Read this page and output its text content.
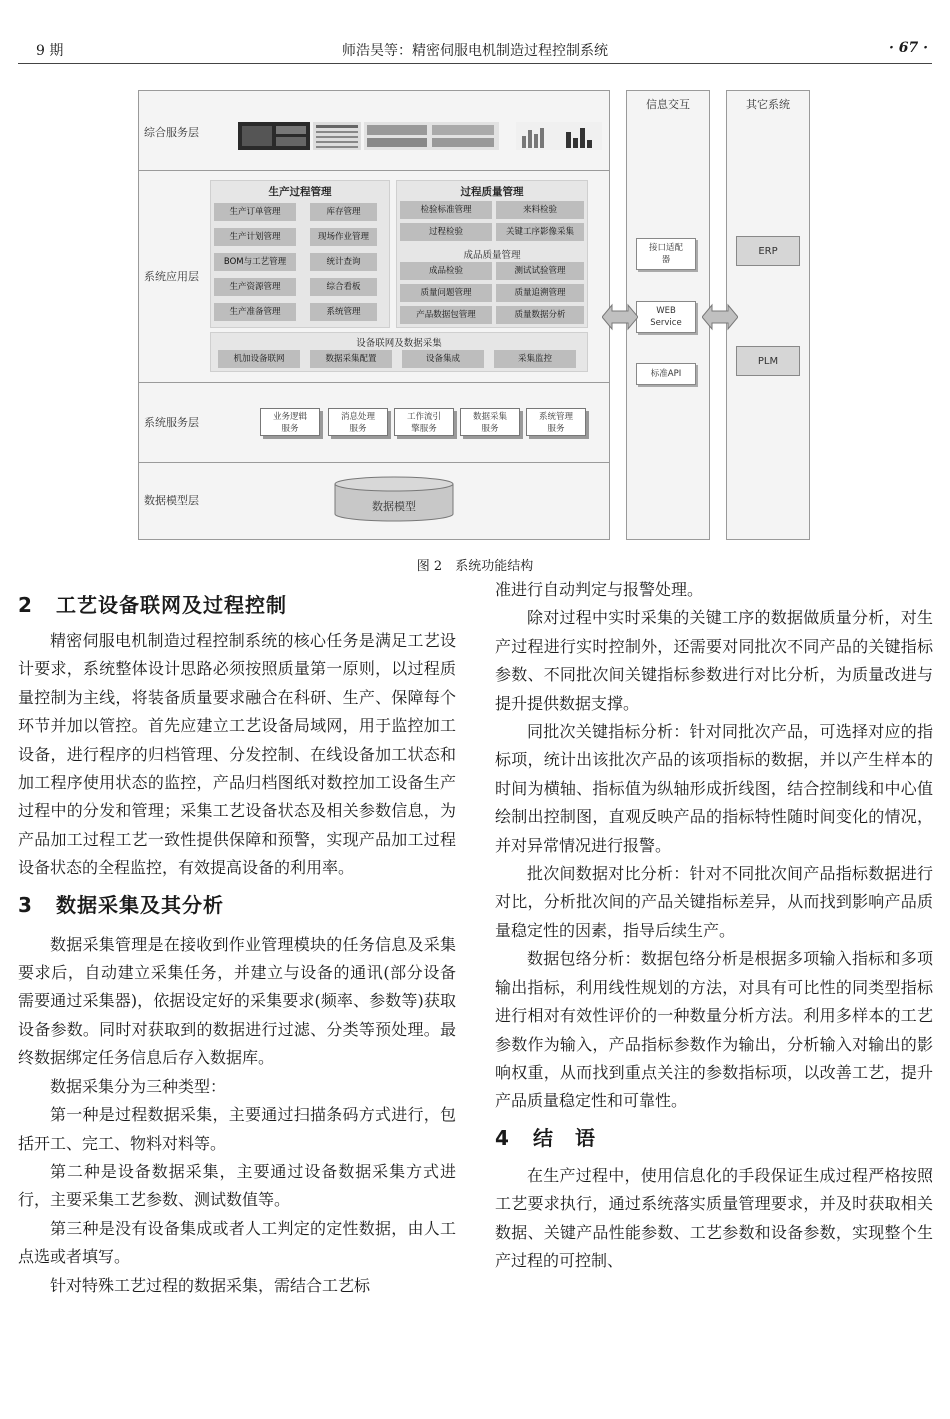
9 期	师浩昊等：精密伺服电机制造过程控制系统	· 67 ·
综合服务层
系统应用层
系统服务层
数据模型层
生产过程管理
生产订单管理	库存管理
生产计划管理	现场作业管理
BOM与工艺管理	统计查询
生产资源管理	综合看板
生产准备管理	系统管理
过程质量管理
检验标准管理	来料检验
过程检验	关键工序影像采集
成品质量管理
成品检验	测试试验管理
质量问题管理	质量追溯管理
产品数据包管理	质量数据分析
设备联网及数据采集
机加设备联网	数据采集配置	设备集成	采集监控
业务逻辑
服务
消息处理
服务
工作流引
擎服务
数据采集
服务
系统管理
服务
数据模型
信息交互
接口适配
器
WEB
Service
标准API
其它系统
ERP
PLM
图 2　系统功能结构
2 工艺设备联网及过程控制

精密伺服电机制造过程控制系统的核心任务是满足工艺设计要求，系统整体设计思路必须按照质量第一原则，以过程质量控制为主线，将装备质量要求融合在科研、生产、保障每个环节并加以管控。首先应建立工艺设备局域网，用于监控加工设备，进行程序的归档管理、分发控制、在线设备加工状态和加工程序使用状态的监控，产品归档图纸对数控加工设备生产过程中的分发和管理；采集工艺设备状态及相关参数信息，为产品加工过程工艺一致性提供保障和预警，实现产品加工过程设备状态的全程监控，有效提高设备的利用率。

3 数据采集及其分析

数据采集管理是在接收到作业管理模块的任务信息及采集要求后，自动建立采集任务，并建立与设备的通讯(部分设备需要通过采集器)，依据设定好的采集要求(频率、参数等)获取设备参数。同时对获取到的数据进行过滤、分类等预处理。最终数据绑定任务信息后存入数据库。

数据采集分为三种类型：

第一种是过程数据采集，主要通过扫描条码方式进行，包括开工、完工、物料对料等。

第二种是设备数据采集，主要通过设备数据采集方式进行，主要采集工艺参数、测试数值等。

第三种是没有设备集成或者人工判定的定性数据，由人工点选或者填写。

针对特殊工艺过程的数据采集，需结合工艺标

准进行自动判定与报警处理。

除对过程中实时采集的关键工序的数据做质量分析，对生产过程进行实时控制外，还需要对同批次不同产品的关键指标参数、不同批次间关键指标参数进行对比分析，为质量改进与提升提供数据支撑。

同批次关键指标分析：针对同批次产品，可选择对应的指标项，统计出该批次产品的该项指标的数据，并以产生样本的时间为横轴、指标值为纵轴形成折线图，结合控制线和中心值绘制出控制图，直观反映产品的指标特性随时间变化的情况，并对异常情况进行报警。

批次间数据对比分析：针对不同批次间产品指标数据进行对比，分析批次间的产品关键指标差异，从而找到影响产品质量稳定性的因素，指导后续生产。

数据包络分析：数据包络分析是根据多项输入指标和多项输出指标，利用线性规划的方法，对具有可比性的同类型指标进行相对有效性评价的一种数量分析方法。利用多样本的工艺参数作为输入，产品指标参数作为输出，分析输入对输出的影响权重，从而找到重点关注的参数指标项，以改善工艺，提升产品质量稳定性和可靠性。

4 结　语

在生产过程中，使用信息化的手段保证生成过程严格按照工艺要求执行，通过系统落实质量管理要求，并及时获取相关数据、关键产品性能参数、工艺参数和设备参数，实现整个生产过程的可控制、
